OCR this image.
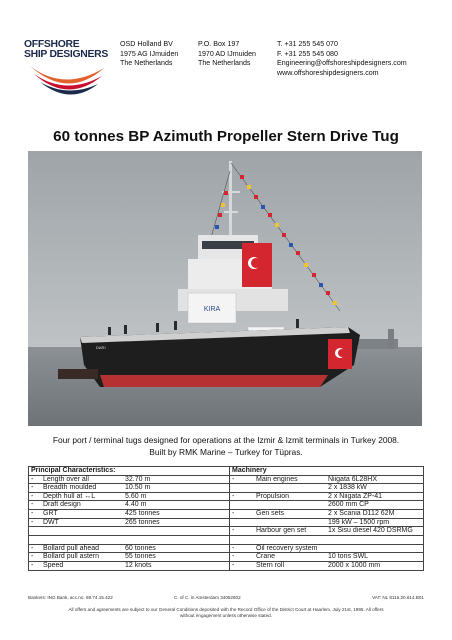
OFFSHORE
SHIP DESIGNERS
OSD Holland BV
1975 AG IJmuiden
The Netherlands
P.O. Box 197
1970 AD IJmuiden
The Netherlands
T. +31 255 545 070
F. +31 255 545 080
Engineering@offshoreshipdesigners.com
www.offshoreshipdesigners.com
60 tonnes BP Azimuth Propeller Stern Drive Tug
KIRA
DARI
Four port / terminal tugs designed for operations at the Izmir & Izmit terminals in Turkey 2008.
Built by RMK Marine – Turkey for Tüpras.
Principal Characteristics:	Machinery

- Length over all 32.70 m	- Main engines Niigata 6L28HX

- Breadth moulded 10.50 m	2 x 1838 kW

- Depth hull at ↔L 5.60 m	- Propulsion 2 x Niigata ZP-41

- Draft design 4.40 m	2600 mm CP

- GRT 425 tonnes	- Gen sets 2 x Scania D112 62M

- DWT 265 tonnes	199 kW – 1500 rpm

	- Harbour gen set 1x Sisu diesel 420 DSRMG

- Bollard pull ahead 60 tonnes	- Oil recovery system

- Bollard pull astern 55 tonnes	- Crane 10 tons SWL

- Speed 12 knots	- Stern roll 2000 x 1000 mm
Bankers: ING Bank, acc.no. 69.74.15.422	C. of C. in Amsterdam 34052602	VAT: NL 8116.20.614.B01
All offers and agreements are subject to our General Conditions deposited with the Record Office of the District Court at Haarlem, July 21st, 1995. All offers
without engagement unless otherwise stated.
